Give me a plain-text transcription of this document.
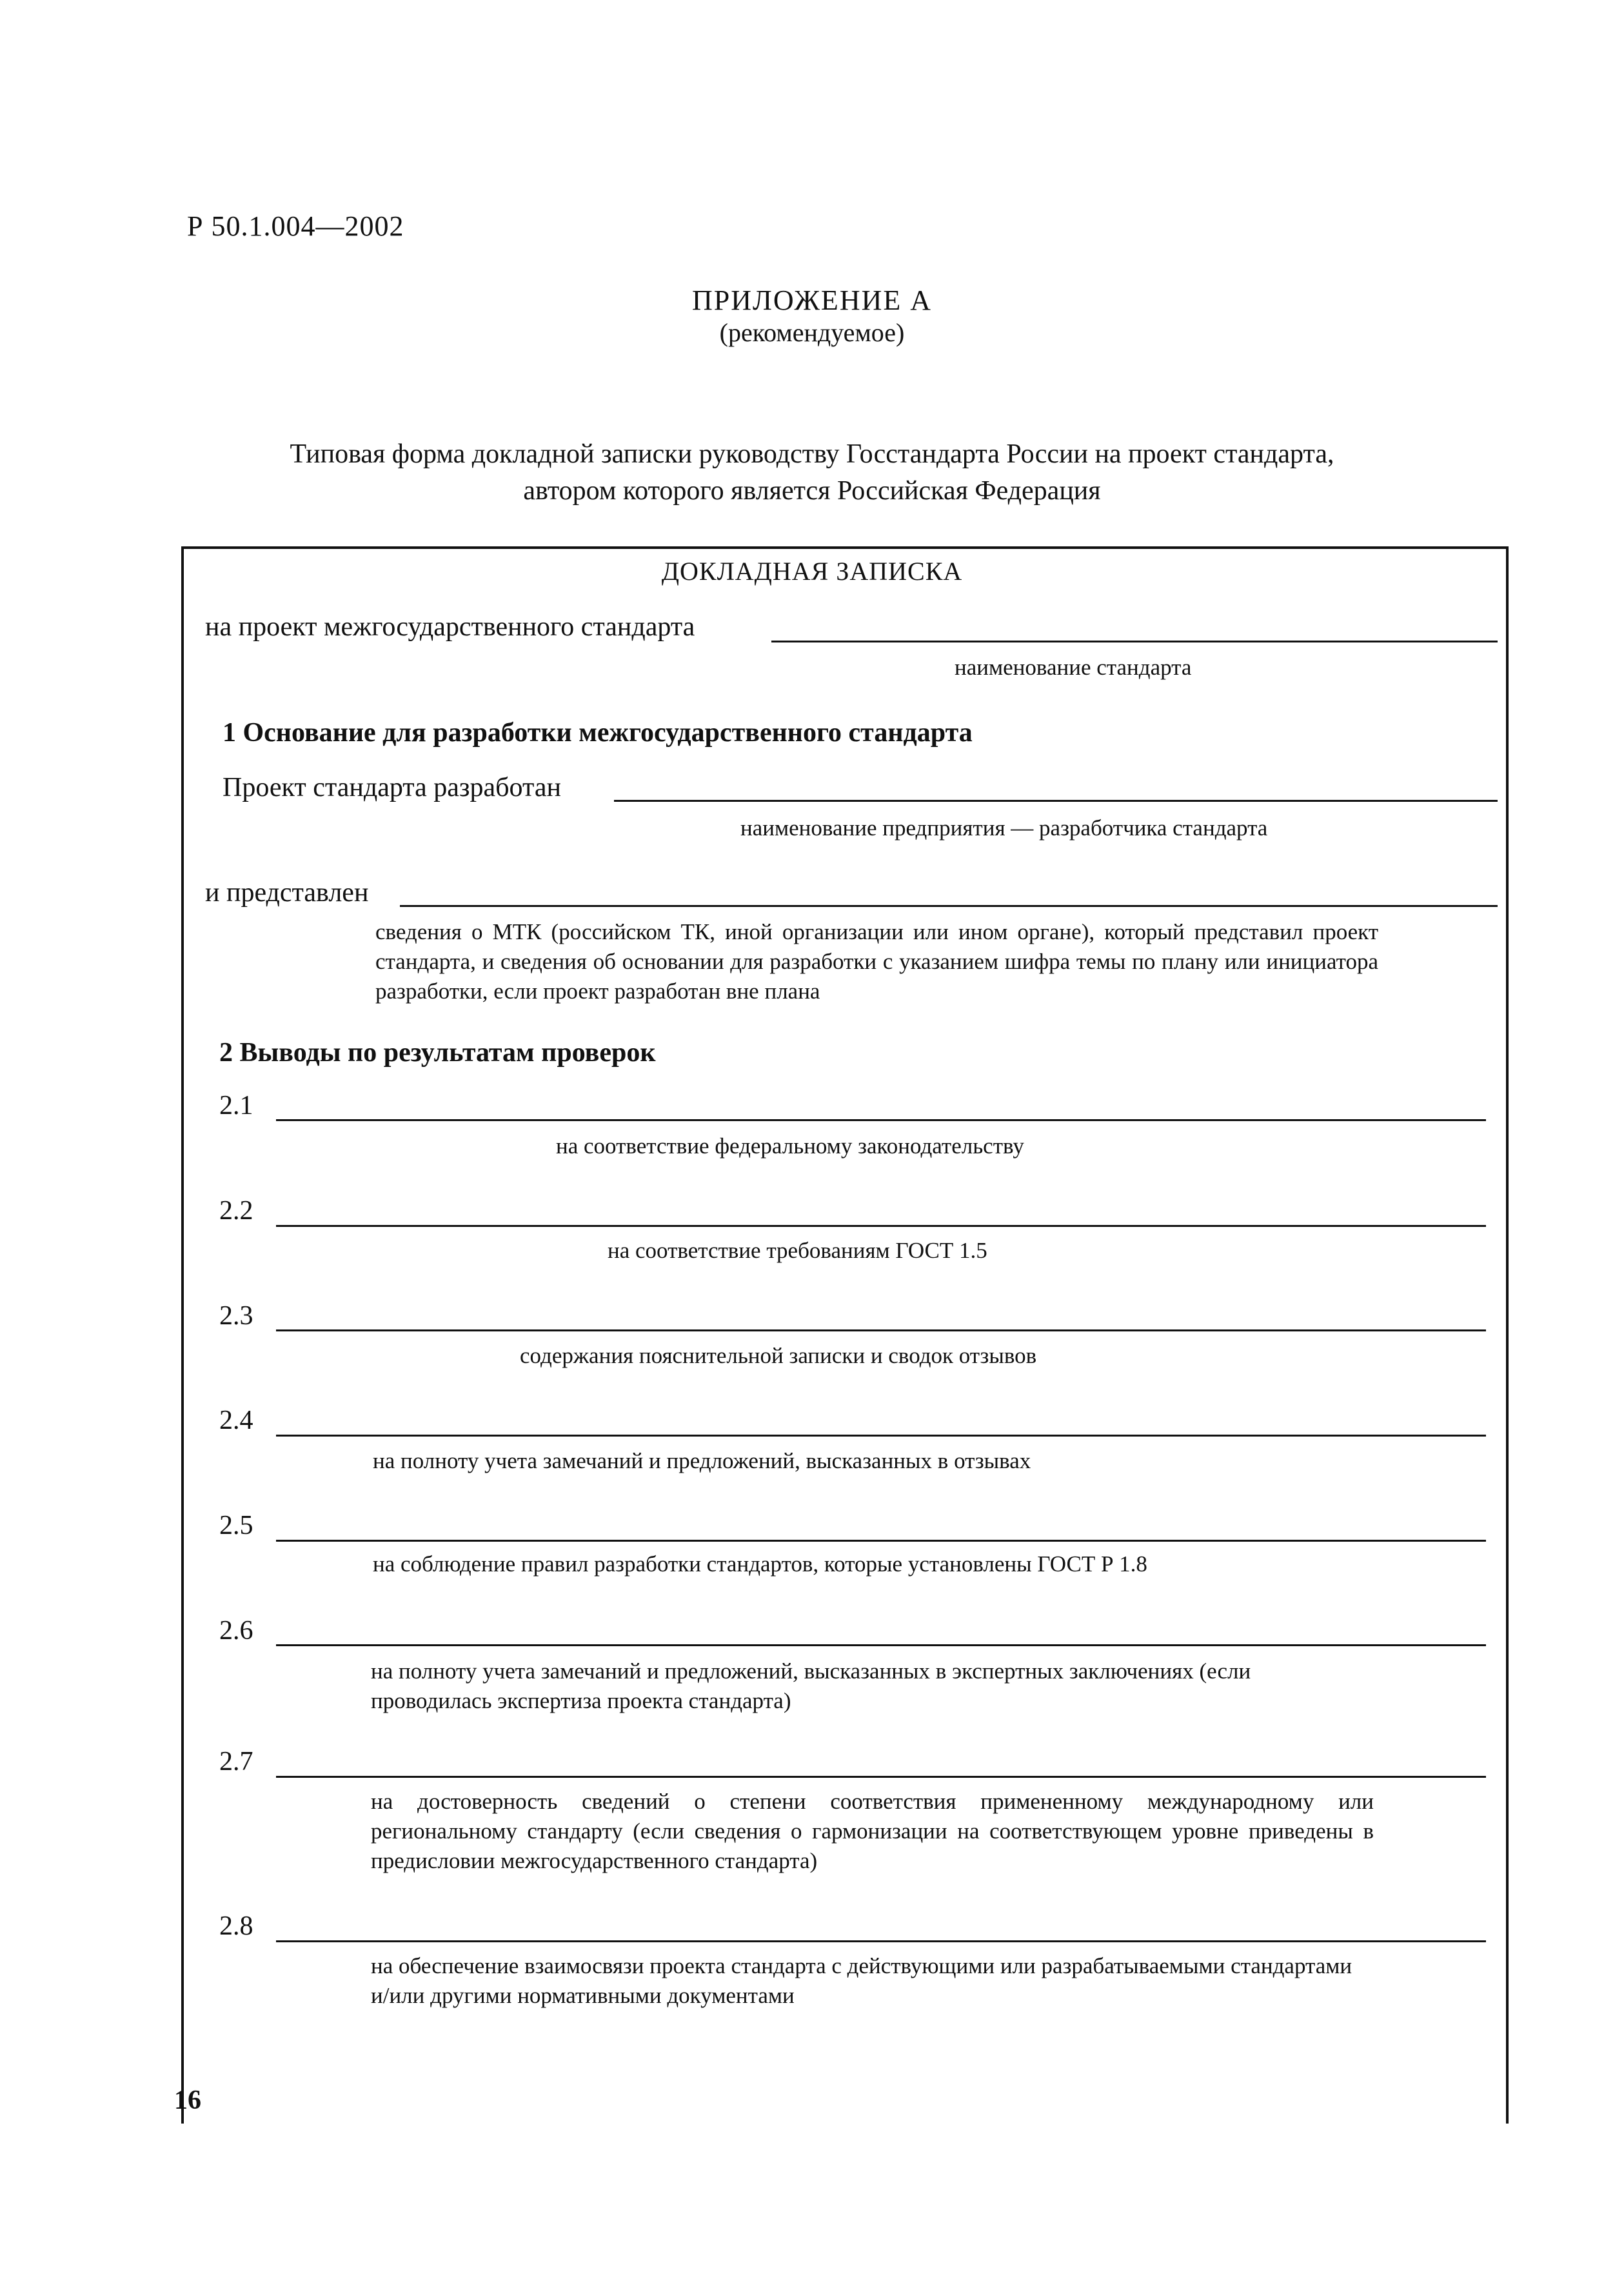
Р 50.1.004—2002
ПРИЛОЖЕНИЕ А
(рекомендуемое)
Типовая форма докладной записки руководству Госстандарта России на проект стандарта,
автором которого является Российская Федерация
ДОКЛАДНАЯ ЗАПИСКА
на проект межгосударственного стандарта
наименование стандарта
1 Основание для разработки межгосударственного стандарта
Проект стандарта разработан
наименование предприятия — разработчика стандарта
и представлен
сведения о МТК (российском ТК, иной организации или ином органе), который представил проект стандарта, и сведения об основании для разработки с указанием шифра темы по плану или инициатора разработки, если проект разработан вне плана
2 Выводы по результатам проверок
2.1
на соответствие федеральному законодательству
2.2
на соответствие требованиям ГОСТ 1.5
2.3
содержания пояснительной записки и сводок отзывов
2.4
на полноту учета замечаний и предложений, высказанных в отзывах
2.5
на соблюдение правил разработки стандартов, которые установлены ГОСТ Р 1.8
2.6
на полноту учета замечаний и предложений, высказанных в экспертных заключениях (если проводилась экспертиза проекта стандарта)
2.7
на достоверность сведений о степени соответствия примененному международному или региональному стандарту (если сведения о гармонизации на соответствующем уровне приведены в предисловии межгосударственного стандарта)
2.8
на обеспечение взаимосвязи проекта стандарта с действующими или разрабатываемыми стандартами и/или другими нормативными документами
16
